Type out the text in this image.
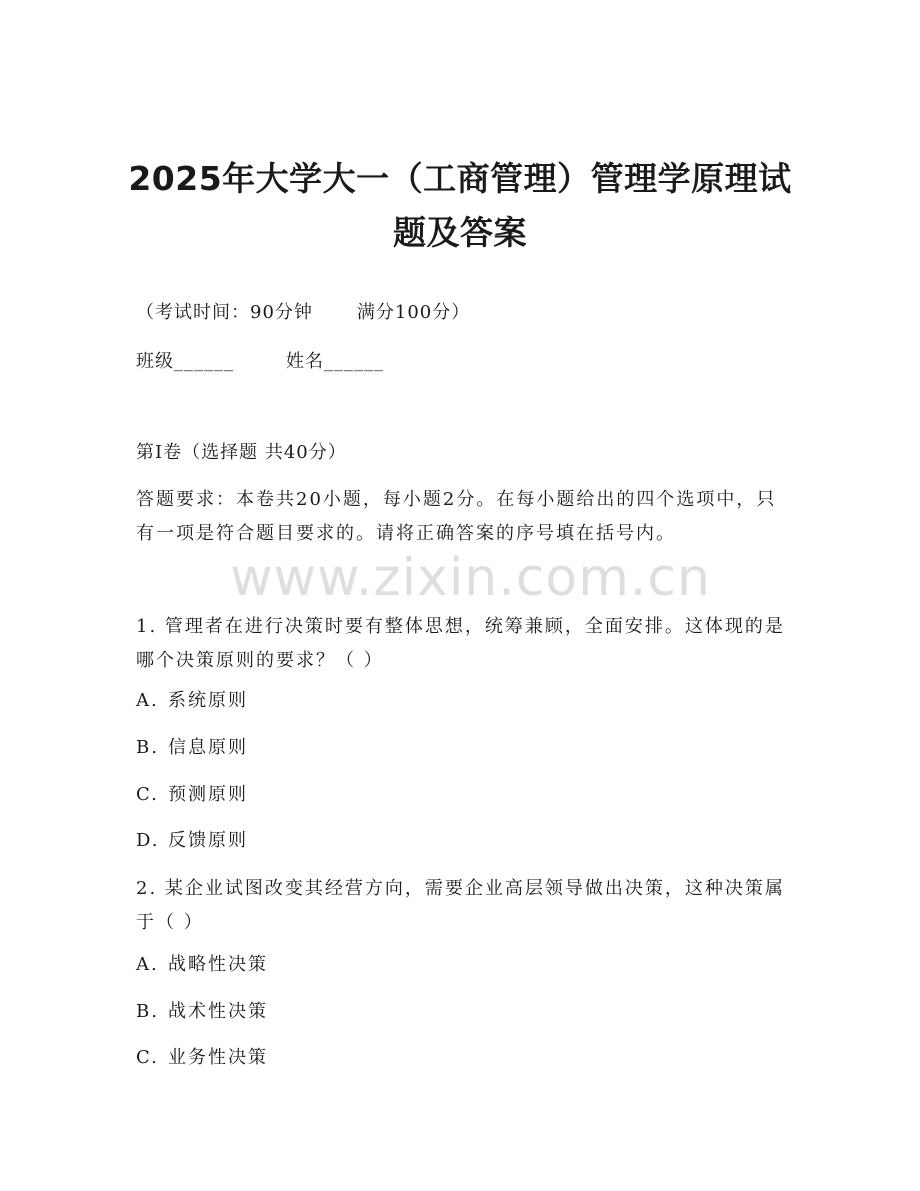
2025年大学大一（工商管理）管理学原理试题及答案
（考试时间：90分钟 满分100分）
班级______	姓名______
第I卷（选择题 共40分）
答题要求：本卷共20小题，每小题2分。在每小题给出的四个选项中，只有一项是符合题目要求的。请将正确答案的序号填在括号内。
www.zixin.com.cn
1. 管理者在进行决策时要有整体思想，统筹兼顾，全面安排。这体现的是哪个决策原则的要求？（ ）
A. 系统原则
B. 信息原则
C. 预测原则
D. 反馈原则
2. 某企业试图改变其经营方向，需要企业高层领导做出决策，这种决策属于（ ）
A. 战略性决策
B. 战术性决策
C. 业务性决策
